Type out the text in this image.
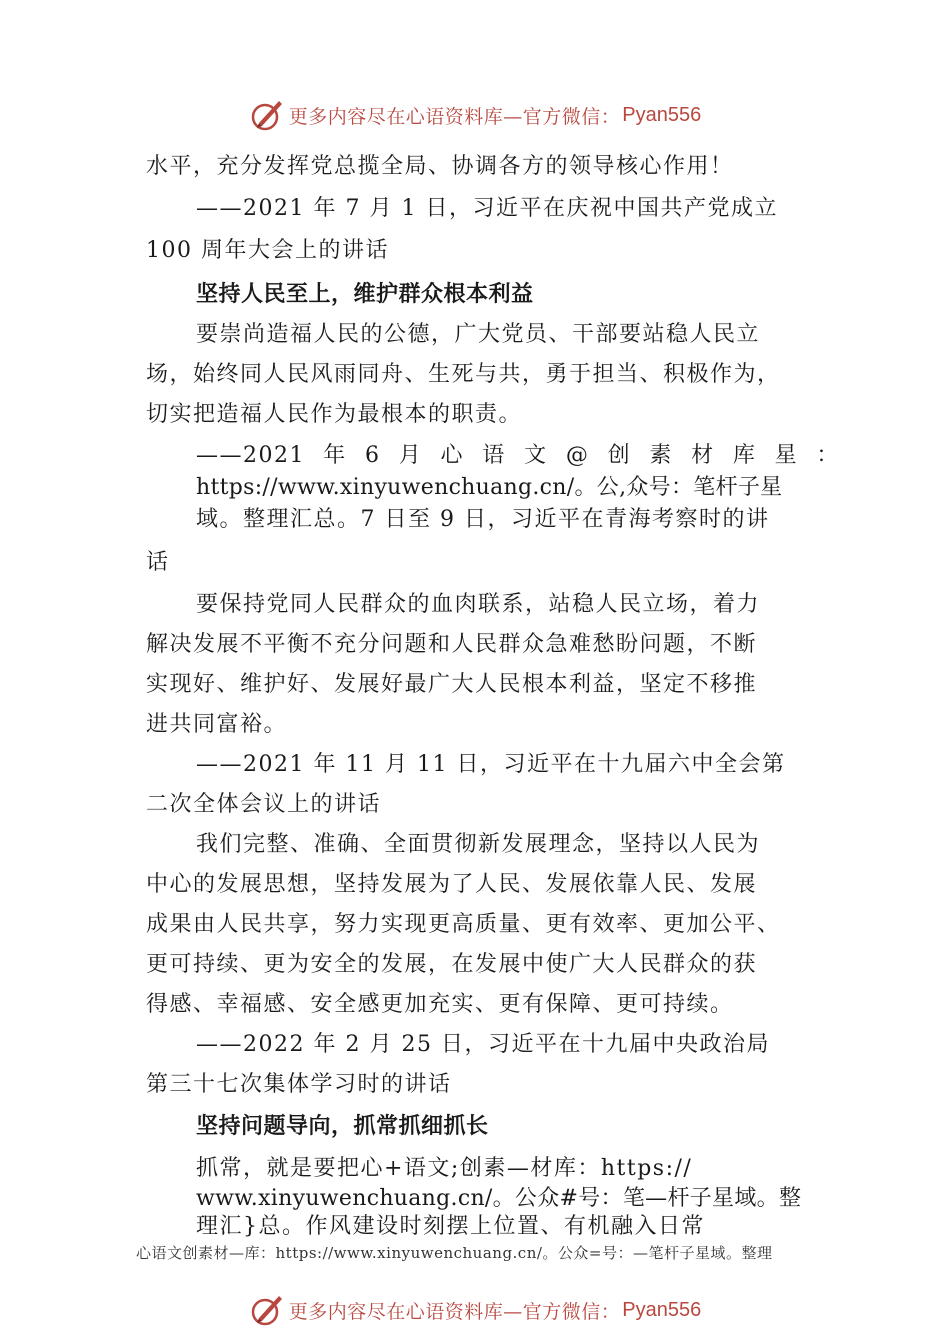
更多内容尽在心语资料库—官方微信： Pyan556
水平，充分发挥党总揽全局、协调各方的领导核心作用！
——2021 年 7 月 1 日，习近平在庆祝中国共产党成立
100 周年大会上的讲话
坚持人民至上，维护群众根本利益
要崇尚造福人民的公德，广大党员、干部要站稳人民立
场，始终同人民风雨同舟、生死与共，勇于担当、积极作为，
切实把造福人民作为最根本的职责。
——2021 年 6 月 心 语 文 @ 创 素 材 库 星 ：
https://www.xinyuwenchuang.cn/。公,众号：笔杆子星
域。整理汇总。7 日至 9 日，习近平在青海考察时的讲
话
要保持党同人民群众的血肉联系，站稳人民立场，着力
解决发展不平衡不充分问题和人民群众急难愁盼问题，不断
实现好、维护好、发展好最广大人民根本利益，坚定不移推
进共同富裕。
——2021 年 11 月 11 日，习近平在十九届六中全会第
二次全体会议上的讲话
我们完整、准确、全面贯彻新发展理念，坚持以人民为
中心的发展思想，坚持发展为了人民、发展依靠人民、发展
成果由人民共享，努力实现更高质量、更有效率、更加公平、
更可持续、更为安全的发展，在发展中使广大人民群众的获
得感、幸福感、安全感更加充实、更有保障、更可持续。
——2022 年 2 月 25 日，习近平在十九届中央政治局
第三十七次集体学习时的讲话
坚持问题导向，抓常抓细抓长
抓常，就是要把心+语文;创素—材库：https://
www.xinyuwenchuang.cn/。公众#号：笔—杆子星域。整
理汇}总。作风建设时刻摆上位置、有机融入日常
心语文创素材—库：https://www.xinyuwenchuang.cn/。公众=号：—笔杆子星域。整理
更多内容尽在心语资料库—官方微信： Pyan556
